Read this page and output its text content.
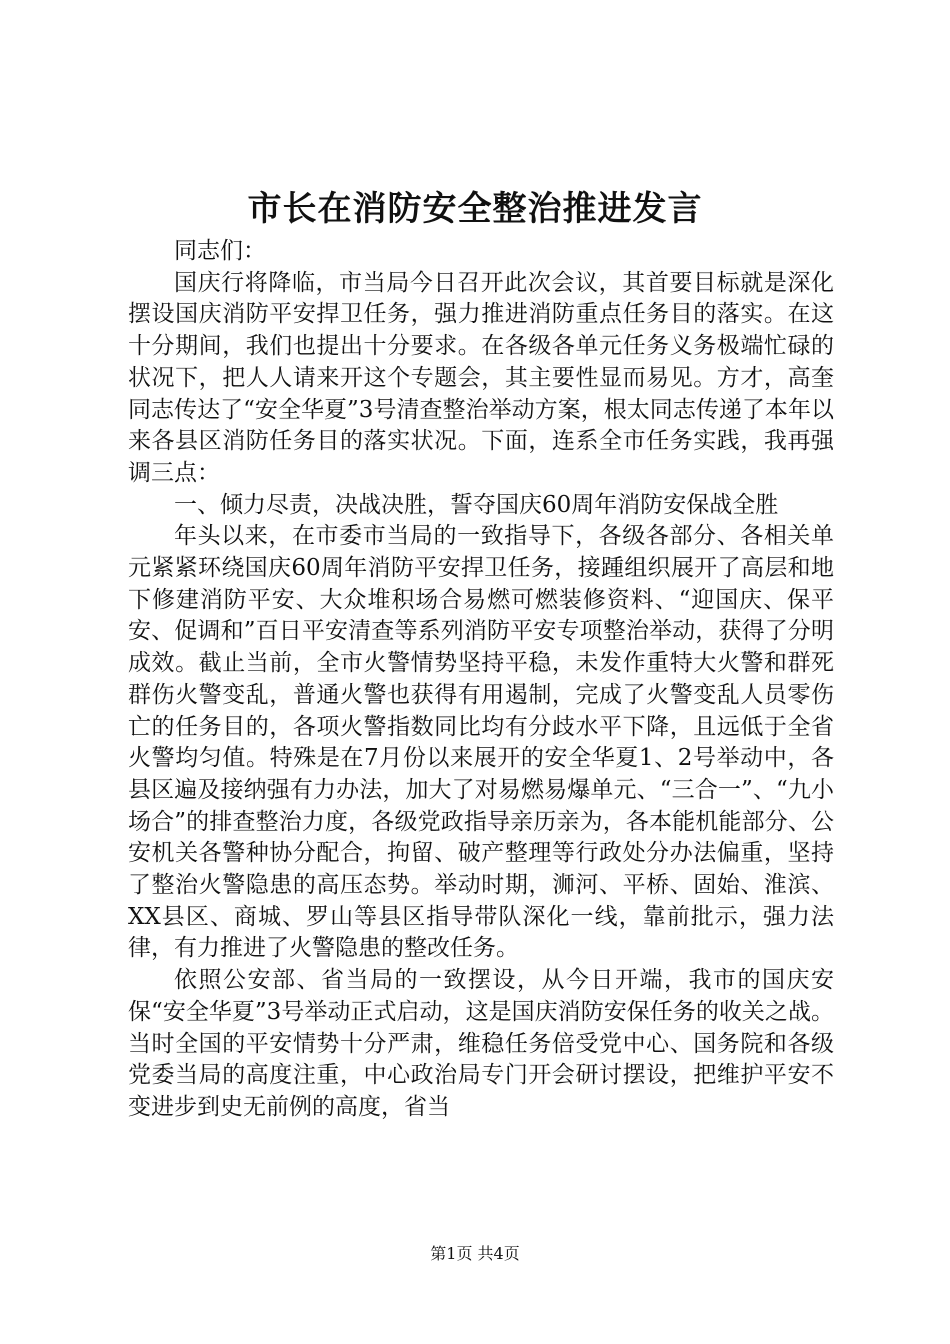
市长在消防安全整治推进发言

同志们：

国庆行将降临，市当局今日召开此次会议，其首要目标就是深化摆设国庆消防平安捍卫任务，强力推进消防重点任务目的落实。在这十分期间，我们也提出十分要求。在各级各单元任务义务极端忙碌的状况下，把人人请来开这个专题会，其主要性显而易见。方才，高奎同志传达了“安全华夏”3号清查整治举动方案，根太同志传递了本年以来各县区消防任务目的落实状况。下面，连系全市任务实践，我再强调三点：

一、倾力尽责，决战决胜，誓夺国庆60周年消防安保战全胜

年头以来，在市委市当局的一致指导下，各级各部分、各相关单元紧紧环绕国庆60周年消防平安捍卫任务，接踵组织展开了高层和地下修建消防平安、大众堆积场合易燃可燃装修资料、“迎国庆、保平安、促调和”百日平安清查等系列消防平安专项整治举动，获得了分明成效。截止当前，全市火警情势坚持平稳，未发作重特大火警和群死群伤火警变乱，普通火警也获得有用遏制，完成了火警变乱人员零伤亡的任务目的，各项火警指数同比均有分歧水平下降，且远低于全省火警均匀值。特殊是在7月份以来展开的安全华夏1、2号举动中，各县区遍及接纳强有力办法，加大了对易燃易爆单元、“三合一”、“九小场合”的排查整治力度，各级党政指导亲历亲为，各本能机能部分、公安机关各警种协分配合，拘留、破产整理等行政处分办法偏重，坚持了整治火警隐患的高压态势。举动时期，浉河、平桥、固始、淮滨、XX县区、商城、罗山等县区指导带队深化一线，靠前批示，强力法律，有力推进了火警隐患的整改任务。

依照公安部、省当局的一致摆设，从今日开端，我市的国庆安保“安全华夏”3号举动正式启动，这是国庆消防安保任务的收关之战。当时全国的平安情势十分严肃，维稳任务倍受党中心、国务院和各级党委当局的高度注重，中心政治局专门开会研讨摆设，把维护平安不变进步到史无前例的高度，省当

第1页 共4页
